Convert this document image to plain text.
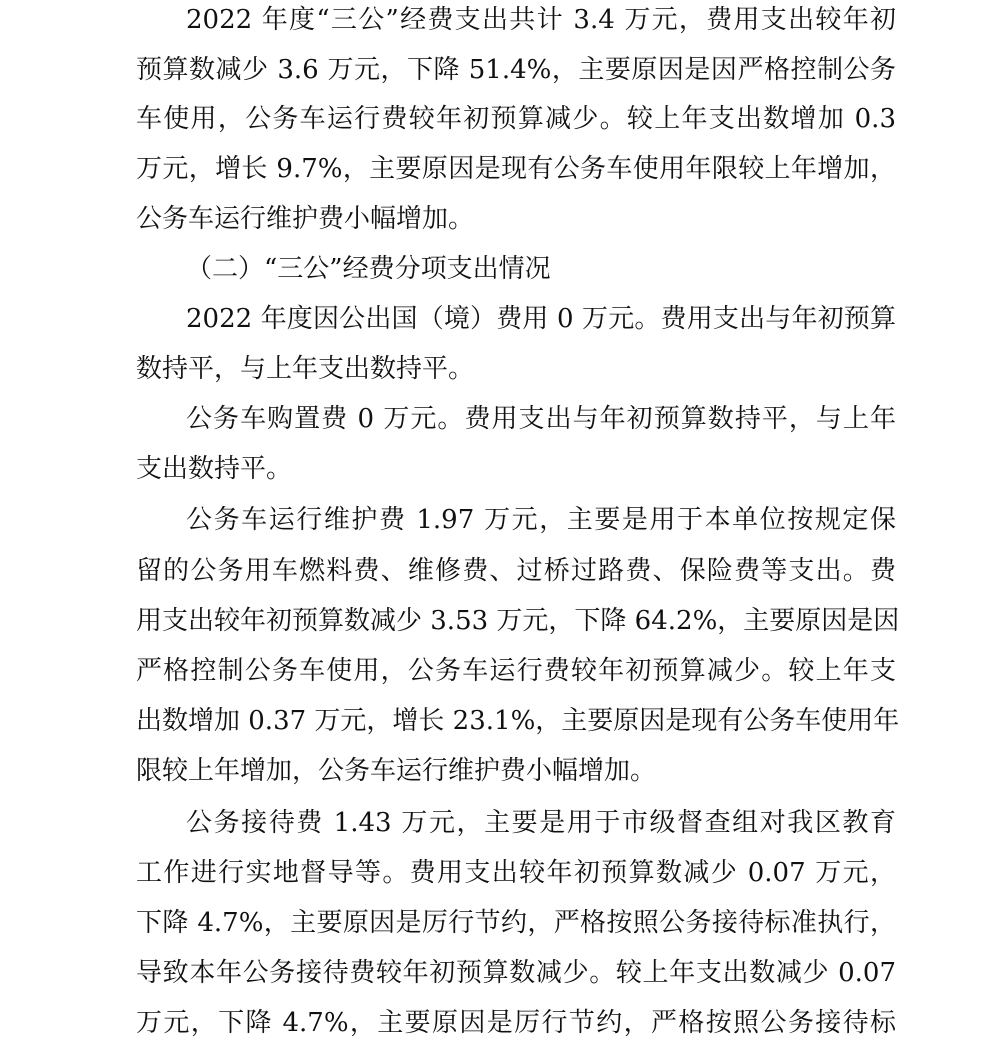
2022 年度“三公”经费支出共计 3.4 万元，费用支出较年初
预算数减少 3.6 万元，下降 51.4%，主要原因是因严格控制公务
车使用，公务车运行费较年初预算减少。较上年支出数增加 0.3
万元，增长 9.7%，主要原因是现有公务车使用年限较上年增加，
公务车运行维护费小幅增加。
（二）“三公”经费分项支出情况
2022 年度因公出国（境）费用 0 万元。费用支出与年初预算
数持平，与上年支出数持平。
公务车购置费 0 万元。费用支出与年初预算数持平，与上年
支出数持平。
公务车运行维护费 1.97 万元，主要是用于本单位按规定保
留的公务用车燃料费、维修费、过桥过路费、保险费等支出。费
用支出较年初预算数减少 3.53 万元，下降 64.2%，主要原因是因
严格控制公务车使用，公务车运行费较年初预算减少。较上年支
出数增加 0.37 万元，增长 23.1%，主要原因是现有公务车使用年
限较上年增加，公务车运行维护费小幅增加。
公务接待费 1.43 万元，主要是用于市级督查组对我区教育
工作进行实地督导等。费用支出较年初预算数减少 0.07 万元，
下降 4.7%，主要原因是厉行节约，严格按照公务接待标准执行，
导致本年公务接待费较年初预算数减少。较上年支出数减少 0.07
万元，下降 4.7%，主要原因是厉行节约，严格按照公务接待标
